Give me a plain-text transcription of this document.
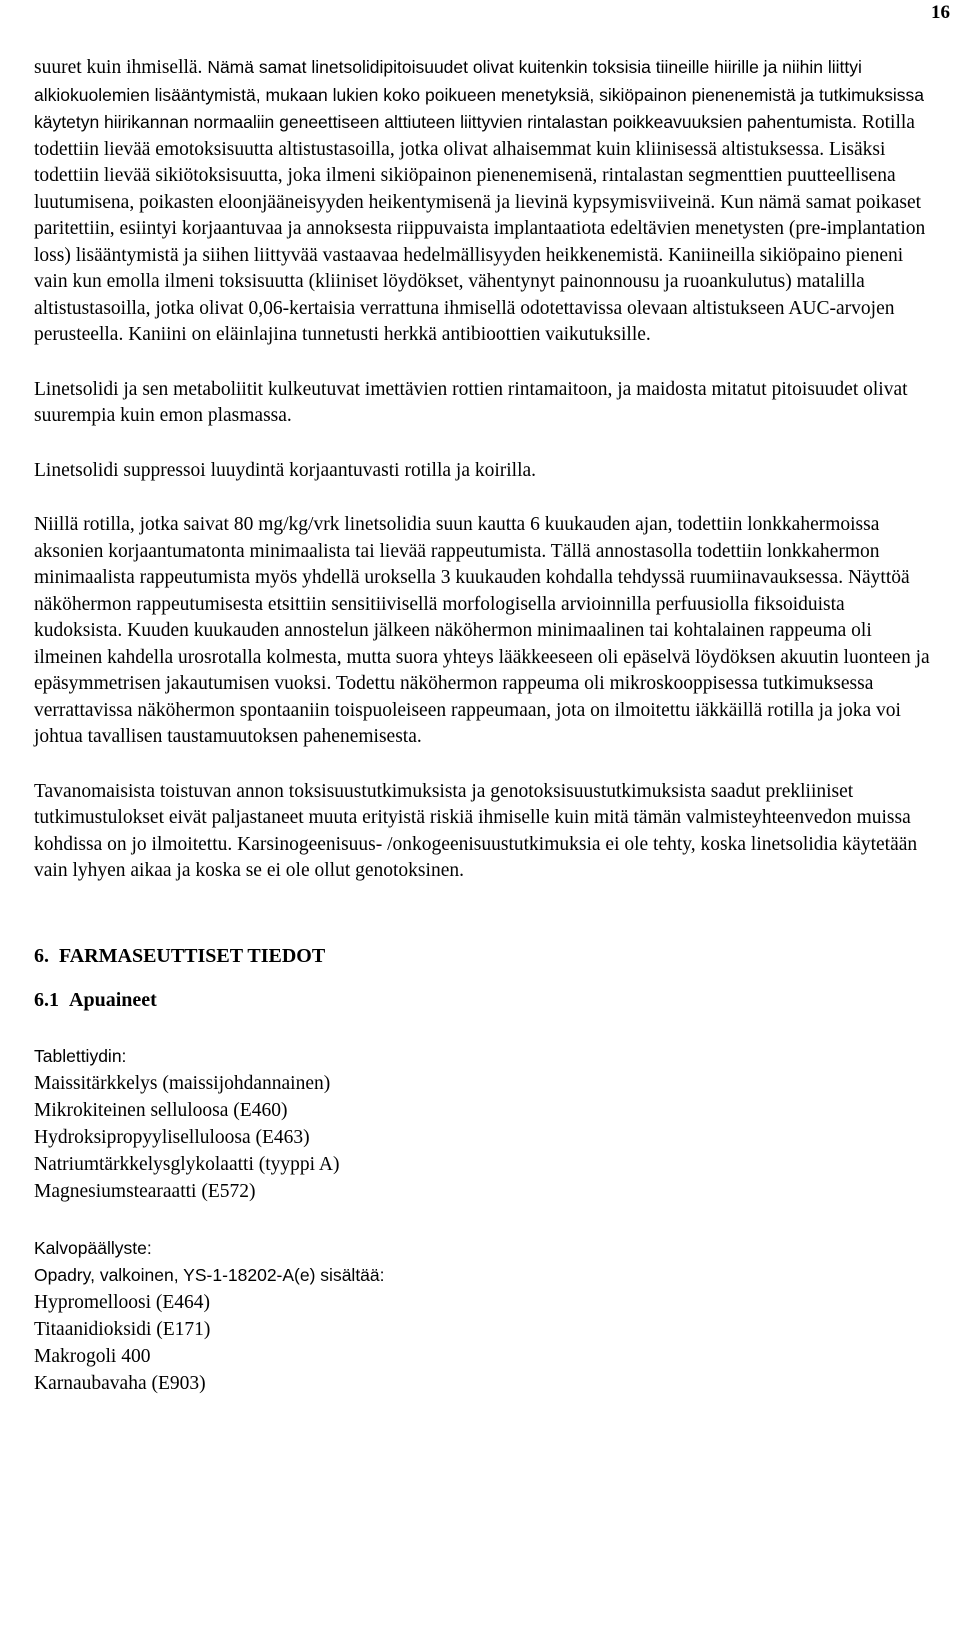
16

suuret kuin ihmisellä. Nämä samat linetsolidipitoisuudet olivat kuitenkin toksisia tiineille hiirille ja niihin liittyi alkiokuolemien lisääntymistä, mukaan lukien koko poikueen menetyksiä, sikiöpainon pienenemistä ja tutkimuksissa käytetyn hiirikannan normaaliin geneettiseen alttiuteen liittyvien rintalastan poikkeavuuksien pahentumista. Rotilla todettiin lievää emotoksisuutta altistustasoilla, jotka olivat alhaisemmat kuin kliinisessä altistuksessa. Lisäksi todettiin lievää sikiötoksisuutta, joka ilmeni sikiöpainon pienenemisenä, rintalastan segmenttien puutteellisena luutumisena, poikasten eloonjääneisyyden heikentymisenä ja lievinä kypsymisviiveinä. Kun nämä samat poikaset paritettiin, esiintyi korjaantuvaa ja annoksesta riippuvaista implantaatiota edeltävien menetysten (pre-implantation loss) lisääntymistä ja siihen liittyvää vastaavaa hedelmällisyyden heikkenemistä. Kaniineilla sikiöpaino pieneni vain kun emolla ilmeni toksisuutta (kliiniset löydökset, vähentynyt painonnousu ja ruoankulutus) matalilla altistustasoilla, jotka olivat 0,06-kertaisia verrattuna ihmisellä odotettavissa olevaan altistukseen AUC-arvojen perusteella. Kaniini on eläinlajina tunnetusti herkkä antibioottien vaikutuksille.

Linetsolidi ja sen metaboliitit kulkeutuvat imettävien rottien rintamaitoon, ja maidosta mitatut pitoisuudet olivat suurempia kuin emon plasmassa.

Linetsolidi suppressoi luuydintä korjaantuvasti rotilla ja koirilla.

Niillä rotilla, jotka saivat 80 mg/kg/vrk linetsolidia suun kautta 6 kuukauden ajan, todettiin lonkkahermoissa aksonien korjaantumatonta minimaalista tai lievää rappeutumista. Tällä annostasolla todettiin lonkkahermon minimaalista rappeutumista myös yhdellä uroksella 3 kuukauden kohdalla tehdyssä ruumiinavauksessa. Näyttöä näköhermon rappeutumisesta etsittiin sensitiivisellä morfologisella arvioinnilla perfuusiolla fiksoiduista kudoksista. Kuuden kuukauden annostelun jälkeen näköhermon minimaalinen tai kohtalainen rappeuma oli ilmeinen kahdella urosrotalla kolmesta, mutta suora yhteys lääkkeeseen oli epäselvä löydöksen akuutin luonteen ja epäsymmetrisen jakautumisen vuoksi. Todettu näköhermon rappeuma oli mikroskooppisessa tutkimuksessa verrattavissa näköhermon spontaaniin toispuoleiseen rappeumaan, jota on ilmoitettu iäkkäillä rotilla ja joka voi johtua tavallisen taustamuutoksen pahenemisesta.

Tavanomaisista toistuvan annon toksisuustutkimuksista ja genotoksisuustutkimuksista saadut prekliiniset tutkimustulokset eivät paljastaneet muuta erityistä riskiä ihmiselle kuin mitä tämän valmisteyhteenvedon muissa kohdissa on jo ilmoitettu. Karsinogeenisuus- /onkogeenisuustutkimuksia ei ole tehty, koska linetsolidia käytetään vain lyhyen aikaa ja koska se ei ole ollut genotoksinen.

6.  FARMASEUTTISET TIEDOT

6.1  Apuaineet

Tablettiydin:
Maissitärkkelys (maissijohdannainen)
Mikrokiteinen selluloosa (E460)
Hydroksipropyyliselluloosa (E463)
Natriumtärkkelysglykolaatti (tyyppi A)
Magnesiumstearaatti (E572)
Kalvopäällyste:
Opadry, valkoinen, YS-1-18202-A(e) sisältää:
Hypromelloosi (E464)
Titaanidioksidi (E171)
Makrogoli 400
Karnaubavaha (E903)
